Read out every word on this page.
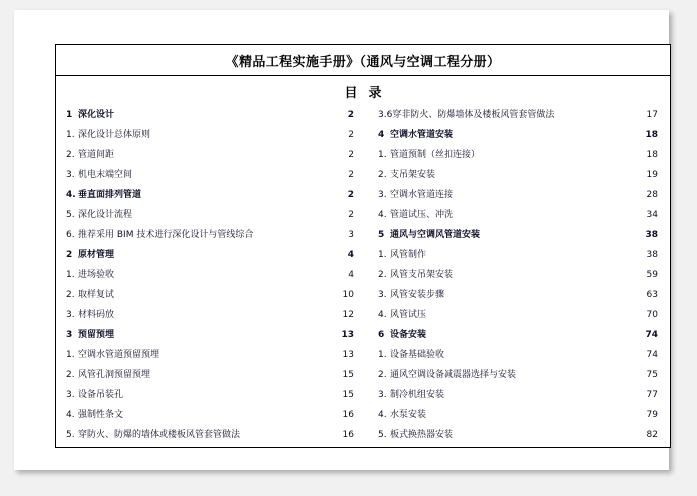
《精品工程实施手册》（通风与空调工程分册）
目录
1 深化设计	2
1. 深化设计总体原则	2
2. 管道间距	2
3. 机电末端空间	2
4. 垂直面排列管道	2
5. 深化设计流程	2
6. 推荐采用 BIM 技术进行深化设计与管线综合	3
2 原材管理	4
1. 进场验收	4
2. 取样复试	10
3. 材料码放	12
3 预留预埋	13
1. 空调水管道预留预埋	13
2. 风管孔洞预留预埋	15
3. 设备吊装孔	15
4. 强制性条文	16
5. 穿防火、防爆的墙体或楼板风管套管做法	16
3.6穿非防火、防爆墙体及楼板风管套管做法	17
4 空调水管道安装	18
1. 管道预制（丝扣连接）	18
2. 支吊架安装	19
3. 空调水管道连接	28
4. 管道试压、冲洗	34
5 通风与空调风管道安装	38
1. 风管制作	38
2. 风管支吊架安装	59
3. 风管安装步骤	63
4. 风管试压	70
6 设备安装	74
1. 设备基础验收	74
2. 通风空调设备减震器选择与安装	75
3. 制冷机组安装	77
4. 水泵安装	79
5. 板式换热器安装	82
